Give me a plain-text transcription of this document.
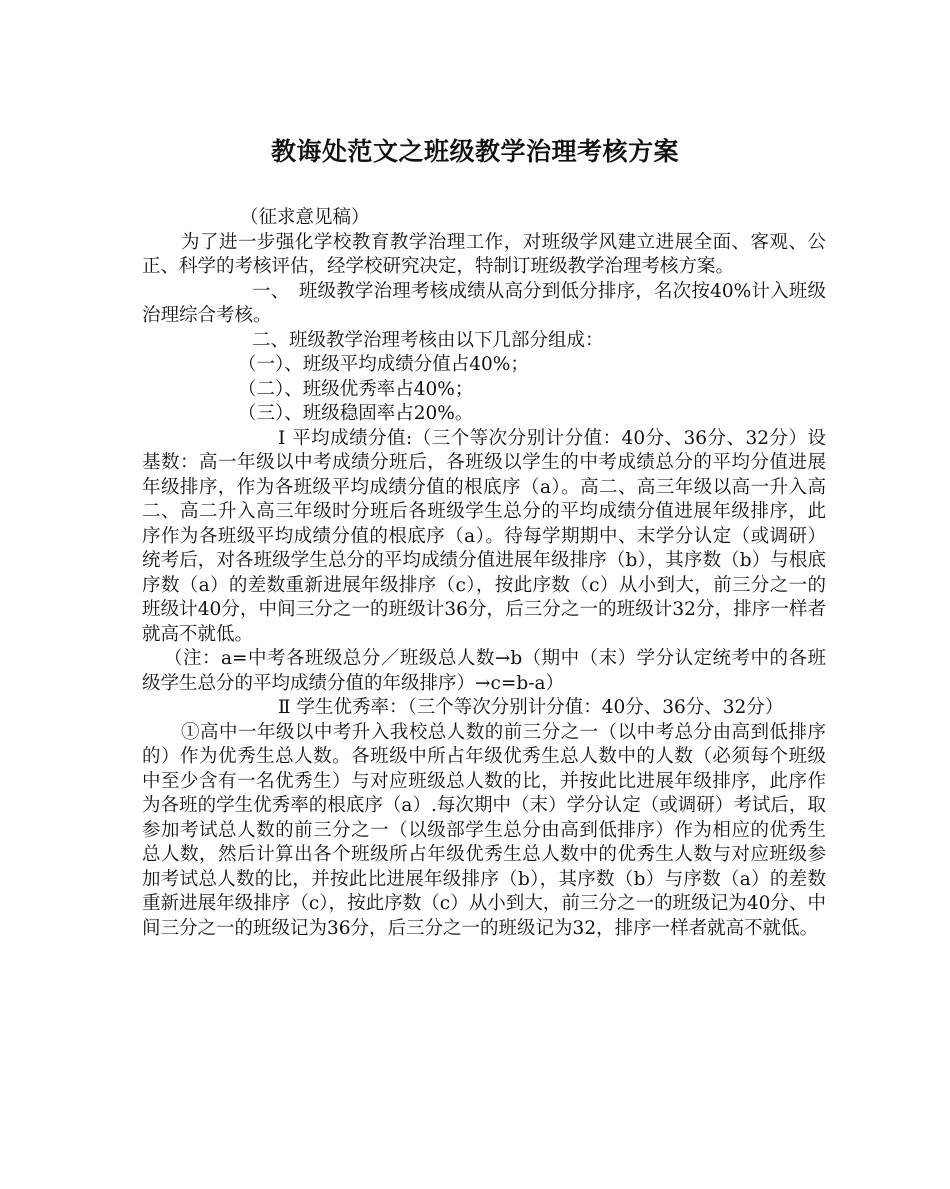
教诲处范文之班级教学治理考核方案

（征求意见稿）

为了进一步强化学校教育教学治理工作，对班级学风建立进展全面、客观、公正、科学的考核评估，经学校研究决定，特制订班级教学治理考核方案。

一、　班级教学治理考核成绩从高分到低分排序，名次按40%计入班级治理综合考核。

二、班级教学治理考核由以下几部分组成：

（一）、班级平均成绩分值占40%；

（二）、班级优秀率占40%；

（三）、班级稳固率占20%。

Ⅰ 平均成绩分值:（三个等次分别计分值：40分、36分、32分）设基数：高一年级以中考成绩分班后，各班级以学生的中考成绩总分的平均分值进展年级排序，作为各班级平均成绩分值的根底序（a）。高二、高三年级以高一升入高二、高二升入高三年级时分班后各班级学生总分的平均成绩分值进展年级排序，此序作为各班级平均成绩分值的根底序（a）。待每学期期中、末学分认定（或调研）统考后，对各班级学生总分的平均成绩分值进展年级排序（b），其序数（b）与根底序数（a）的差数重新进展年级排序（c），按此序数（c）从小到大，前三分之一的班级计40分，中间三分之一的班级计36分，后三分之一的班级计32分，排序一样者就高不就低。

（注：a=中考各班级总分／班级总人数→b（期中（末）学分认定统考中的各班级学生总分的平均成绩分值的年级排序）→c=b-a）

Ⅱ 学生优秀率：（三个等次分别计分值：40分、36分、32分）

①高中一年级以中考升入我校总人数的前三分之一（以中考总分由高到低排序的）作为优秀生总人数。各班级中所占年级优秀生总人数中的人数（必须每个班级中至少含有一名优秀生）与对应班级总人数的比，并按此比进展年级排序，此序作为各班的学生优秀率的根底序（a）.每次期中（末）学分认定（或调研）考试后，取参加考试总人数的前三分之一（以级部学生总分由高到低排序）作为相应的优秀生总人数，然后计算出各个班级所占年级优秀生总人数中的优秀生人数与对应班级参加考试总人数的比，并按此比进展年级排序（b），其序数（b）与序数（a）的差数重新进展年级排序（c），按此序数（c）从小到大，前三分之一的班级记为40分、中间三分之一的班级记为36分，后三分之一的班级记为32，排序一样者就高不就低。
